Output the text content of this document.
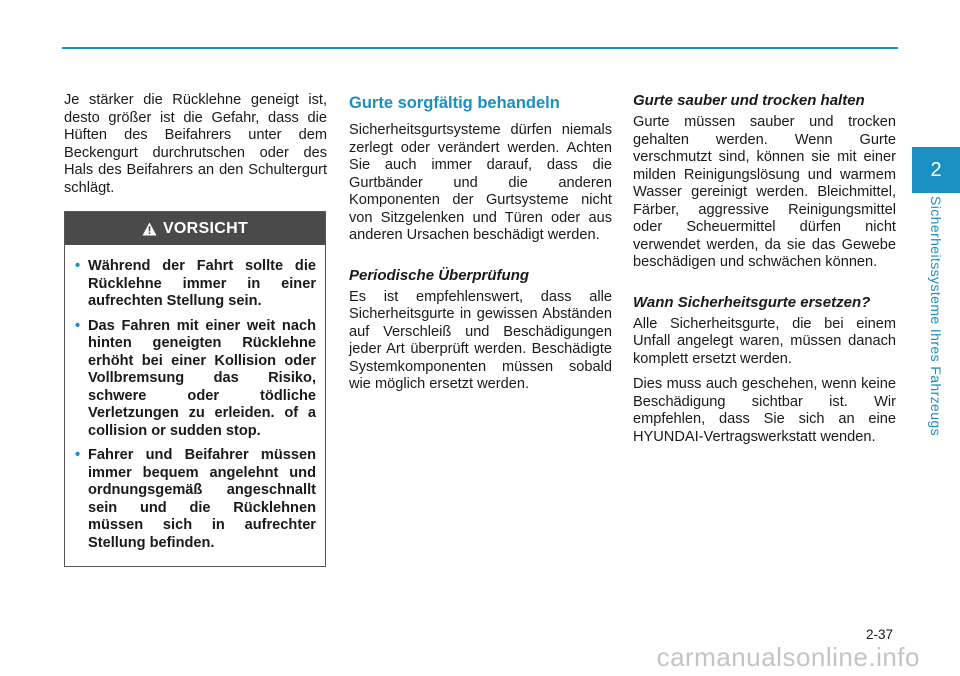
Je stärker die Rücklehne geneigt ist, desto größer ist die Gefahr, dass die Hüften des Beifahrers unter dem Beckengurt durchrutschen oder des Hals des Beifahrers an den Schultergurt schlägt.

VORSICHT
• Während der Fahrt sollte die Rücklehne immer in einer aufrechten Stellung sein.
• Das Fahren mit einer weit nach hinten geneigten Rücklehne erhöht bei einer Kollision oder Vollbremsung das Risiko, schwere oder tödliche Verletzungen zu erleiden. of a collision or sudden stop.
• Fahrer und Beifahrer müssen immer bequem angelehnt und ordnungsgemäß angeschnallt sein und die Rücklehnen müssen sich in aufrechter Stellung befinden.
Gurte sorgfältig behandeln

Sicherheitsgurtsysteme dürfen niemals zerlegt oder verändert werden. Achten Sie auch immer darauf, dass die Gurtbänder und die anderen Komponenten der Gurtsysteme nicht von Sitzgelenken und Türen oder aus anderen Ursachen beschädigt werden.

Periodische Überprüfung

Es ist empfehlenswert, dass alle Sicherheitsgurte in gewissen Abständen auf Verschleiß und Beschädigungen jeder Art überprüft werden. Beschädigte Systemkomponenten müssen sobald wie möglich ersetzt werden.

Gurte sauber und trocken halten

Gurte müssen sauber und trocken gehalten werden. Wenn Gurte verschmutzt sind, können sie mit einer milden Reinigungslösung und warmem Wasser gereinigt werden. Bleichmittel, Färber, aggressive Reinigungsmittel oder Scheuermittel dürfen nicht verwendet werden, da sie das Gewebe beschädigen und schwächen können.

Wann Sicherheitsgurte ersetzen?

Alle Sicherheitsgurte, die bei einem Unfall angelegt waren, müssen danach komplett ersetzt werden.

Dies muss auch geschehen, wenn keine Beschädigung sichtbar ist. Wir empfehlen, dass Sie sich an eine HYUNDAI-Vertragswerkstatt wenden.

2
Sicherheitssysteme Ihres Fahrzeugs
2-37
carmanualsonline.info
